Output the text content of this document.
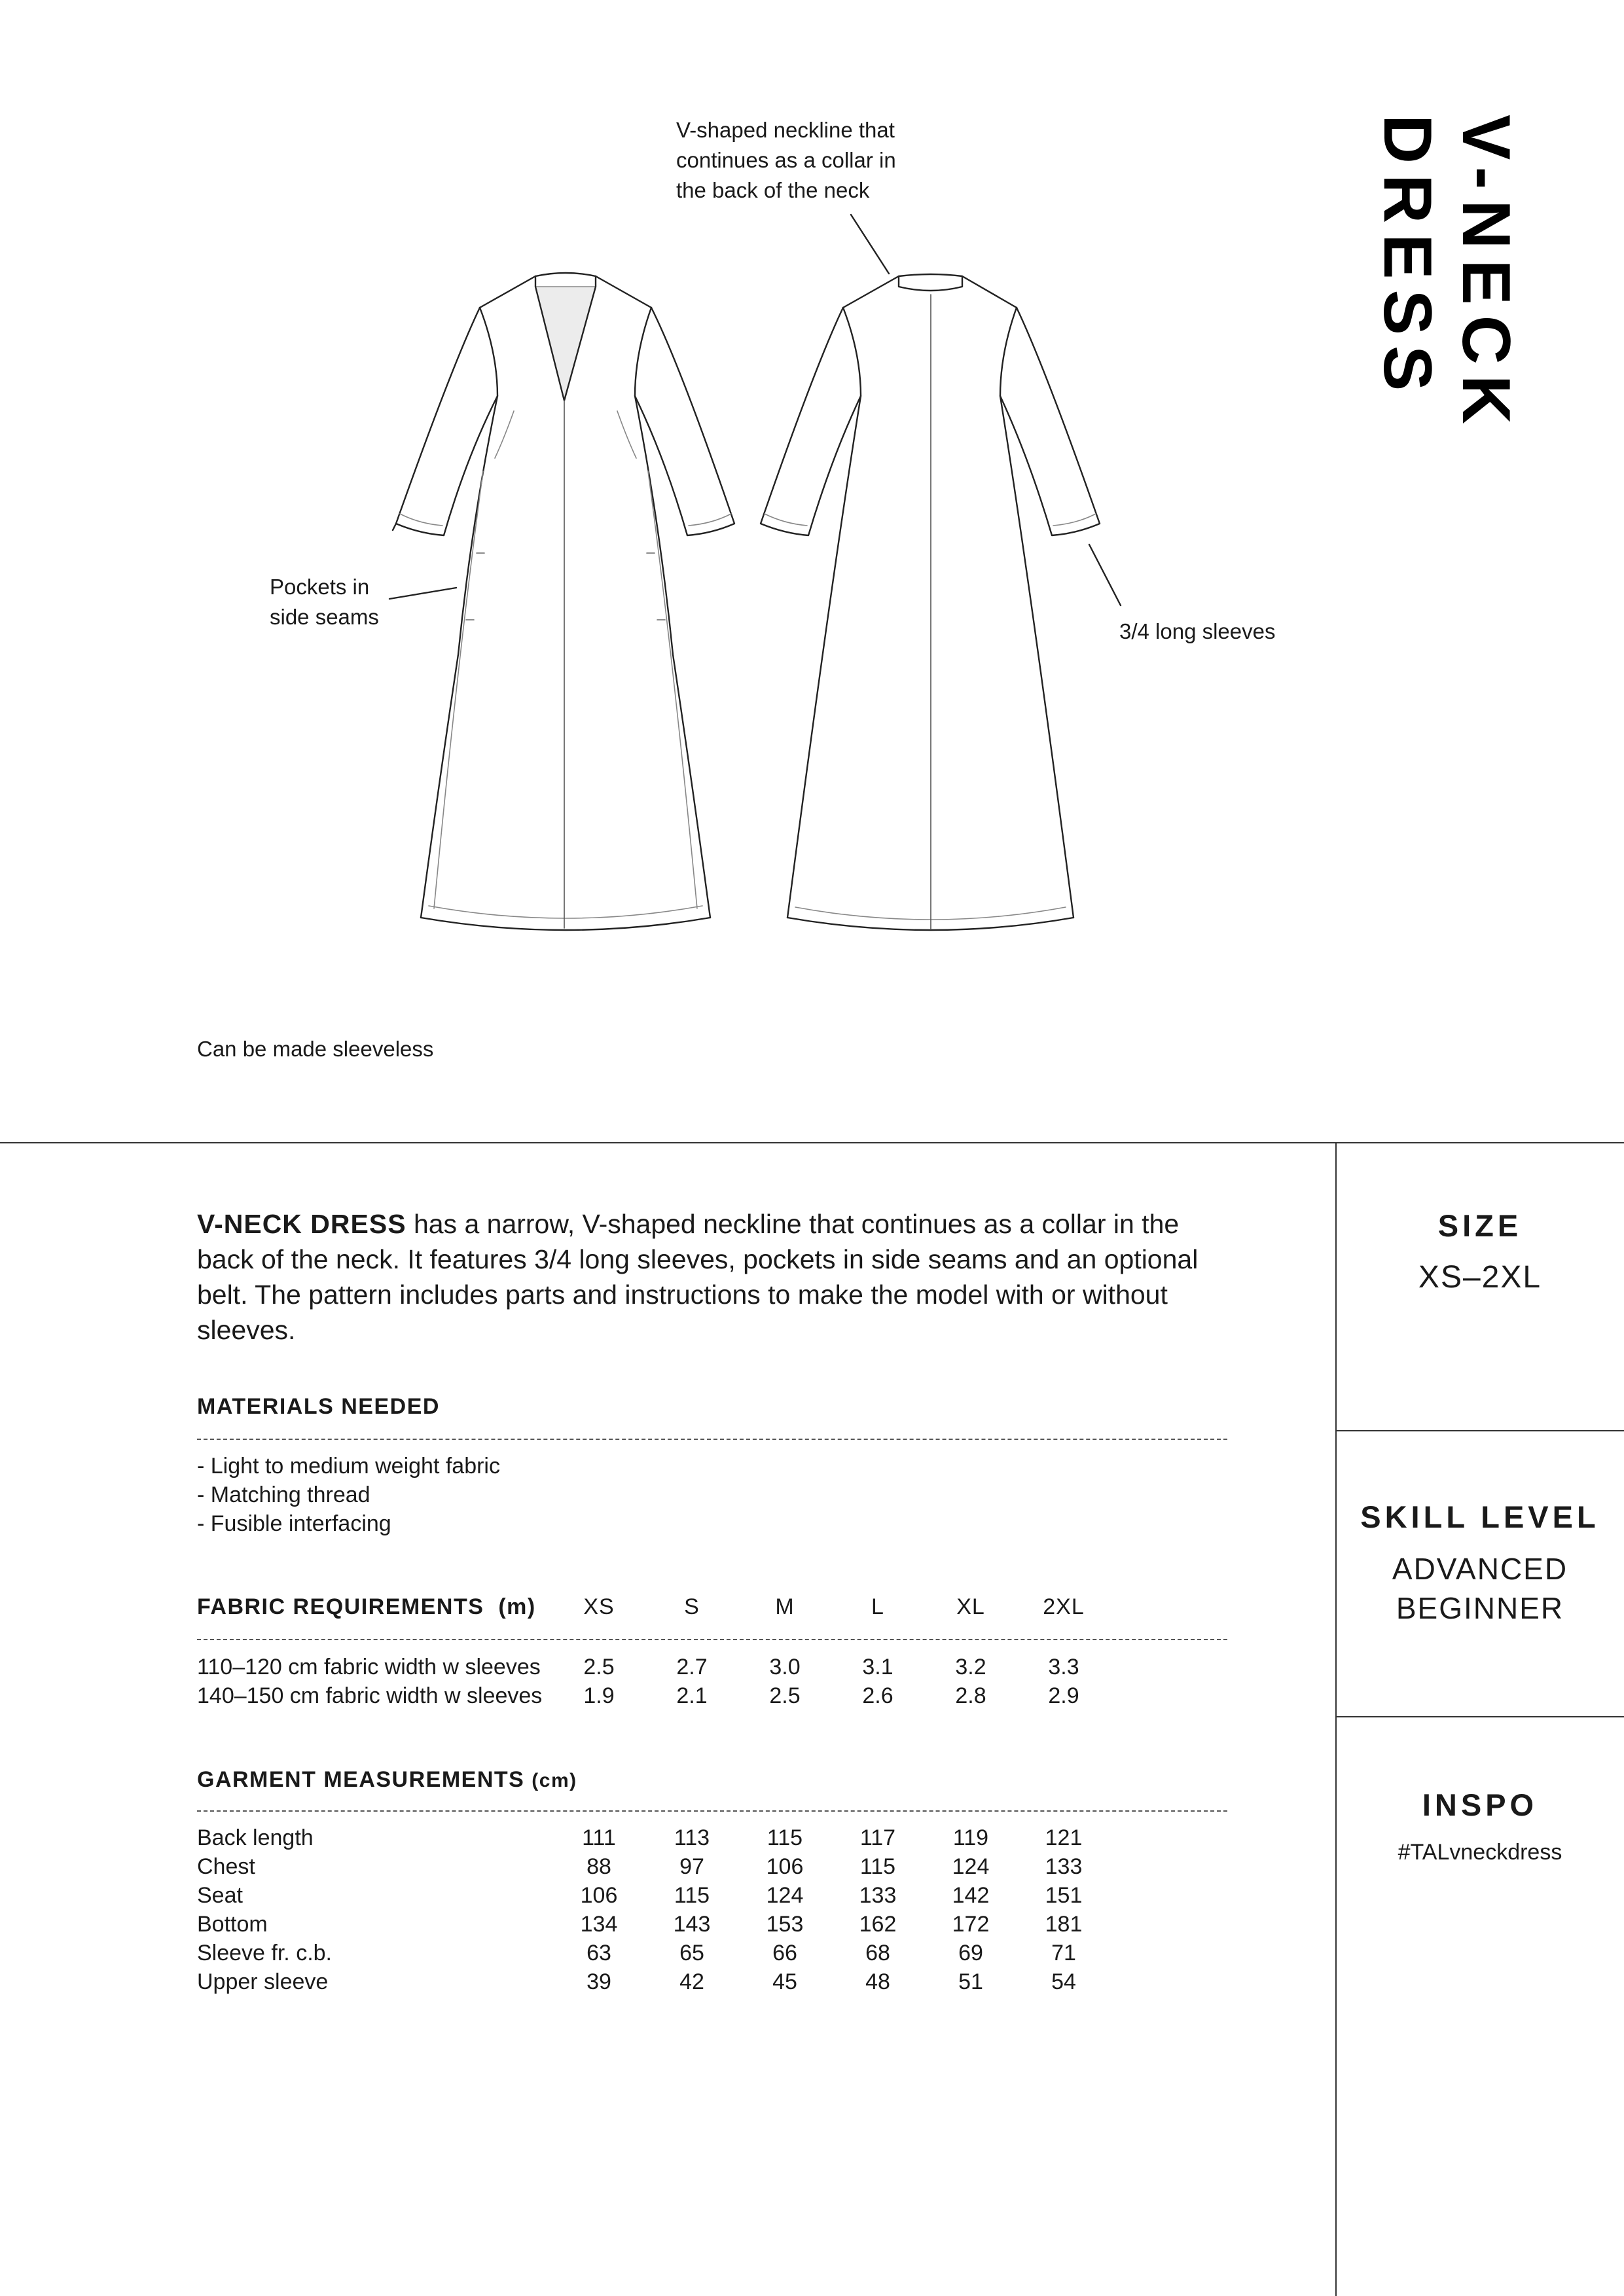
V-NECK DRESS
V-shaped neckline that
continues as a collar in
the back of the neck
Pockets in
side seams
3/4 long sleeves
Can be made sleeveless
V-NECK DRESS has a narrow, V-shaped neckline that continues as a collar in the
back of the neck. It features 3/4 long sleeves, pockets in side seams and an optional
belt. The pattern includes parts and instructions to make the model with or without
sleeves.
MATERIALS NEEDED
- Light to medium weight fabric
- Matching thread
- Fusible interfacing
FABRIC REQUIREMENTS (m)	XS	S	M	L	XL	2XL
110–120 cm fabric width w sleeves	2.5	2.7	3.0	3.1	3.2	3.3
140–150 cm fabric width w sleeves	1.9	2.1	2.5	2.6	2.8	2.9
GARMENT MEASUREMENTS (cm)
Back length	111	113	115	117	119	121
Chest	88	97	106	115	124	133
Seat	106	115	124	133	142	151
Bottom	134	143	153	162	172	181
Sleeve fr. c.b.	63	65	66	68	69	71
Upper sleeve	39	42	45	48	51	54
SIZE
XS–2XL
SKILL LEVEL
ADVANCED
BEGINNER
INSPO
#TALvneckdress
